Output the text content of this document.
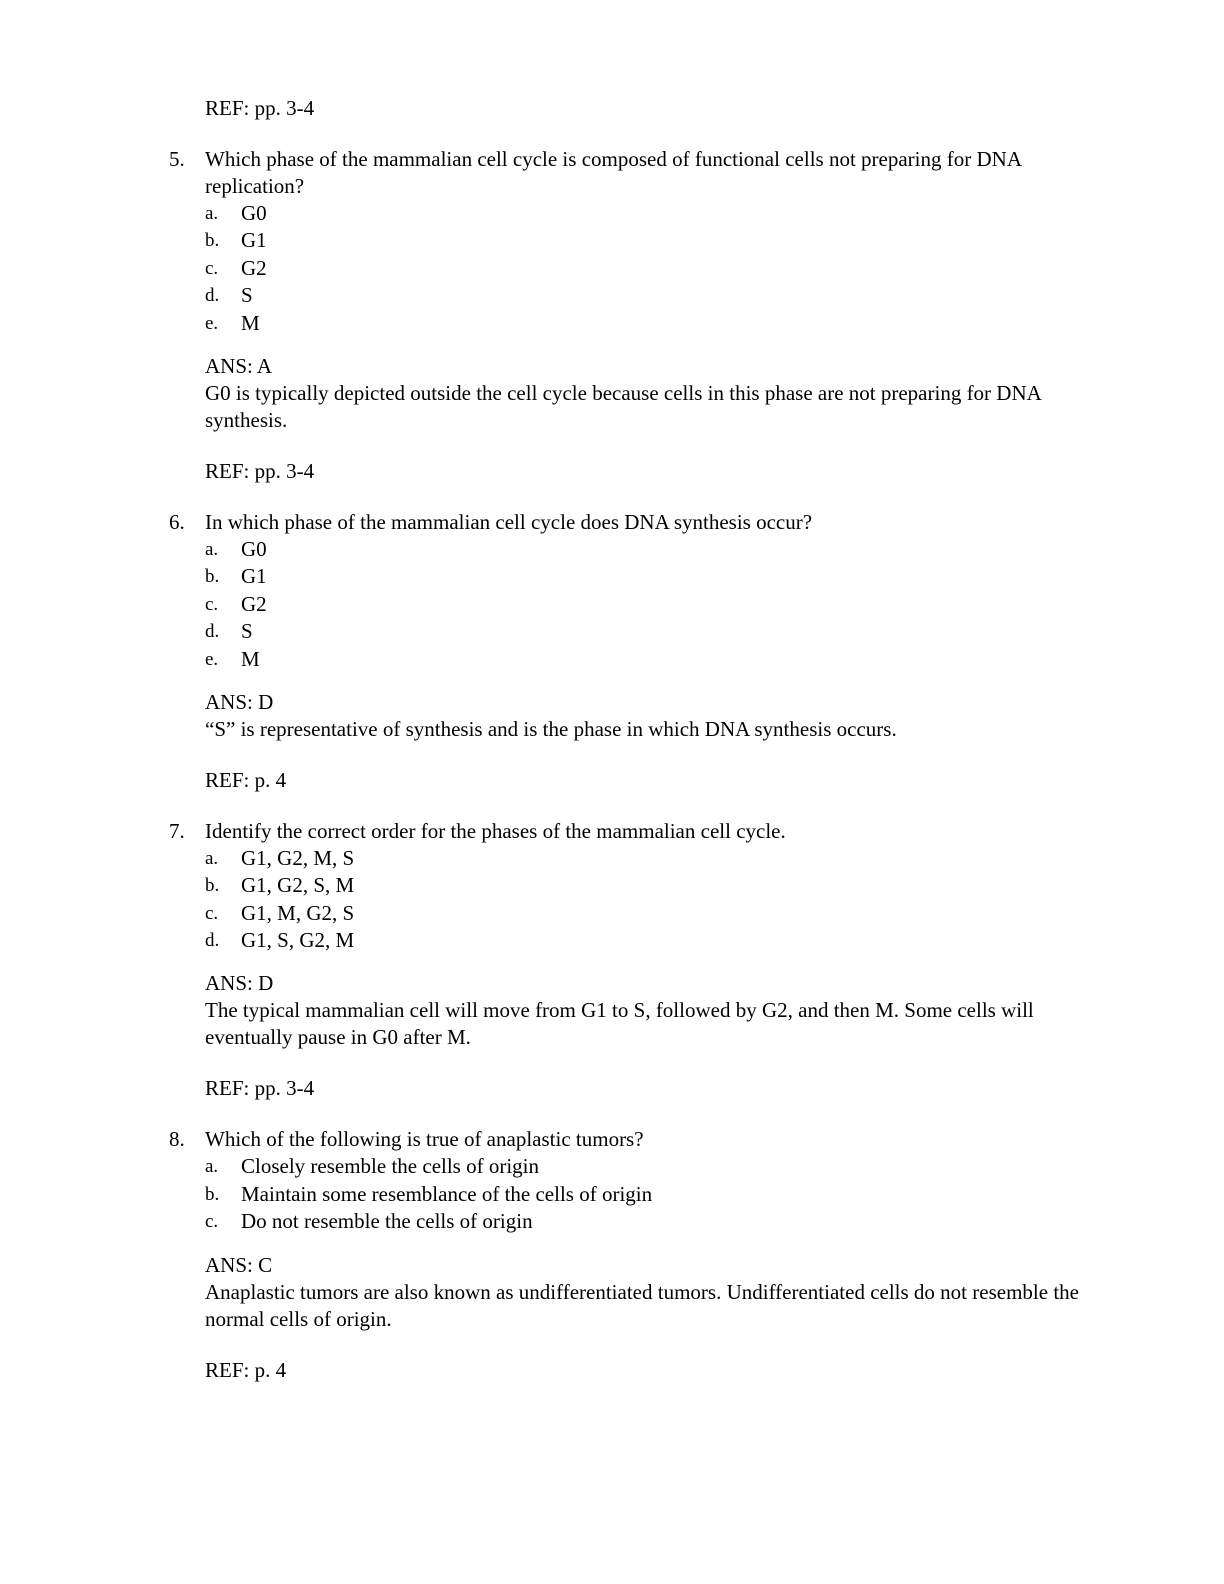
REF: pp. 3-4
5. Which phase of the mammalian cell cycle is composed of functional cells not preparing for DNA replication?
a. G0
b. G1
c. G2
d. S
e. M
ANS: A

G0 is typically depicted outside the cell cycle because cells in this phase are not preparing for DNA synthesis.

REF: pp. 3-4
6. In which phase of the mammalian cell cycle does DNA synthesis occur?
a. G0
b. G1
c. G2
d. S
e. M
ANS: D

“S” is representative of synthesis and is the phase in which DNA synthesis occurs.

REF: p. 4
7. Identify the correct order for the phases of the mammalian cell cycle.
a. G1, G2, M, S
b. G1, G2, S, M
c. G1, M, G2, S
d. G1, S, G2, M
ANS: D

The typical mammalian cell will move from G1 to S, followed by G2, and then M. Some cells will eventually pause in G0 after M.

REF: pp. 3-4
8. Which of the following is true of anaplastic tumors?
a. Closely resemble the cells of origin
b. Maintain some resemblance of the cells of origin
c. Do not resemble the cells of origin
ANS: C

Anaplastic tumors are also known as undifferentiated tumors. Undifferentiated cells do not resemble the normal cells of origin.

REF: p. 4
